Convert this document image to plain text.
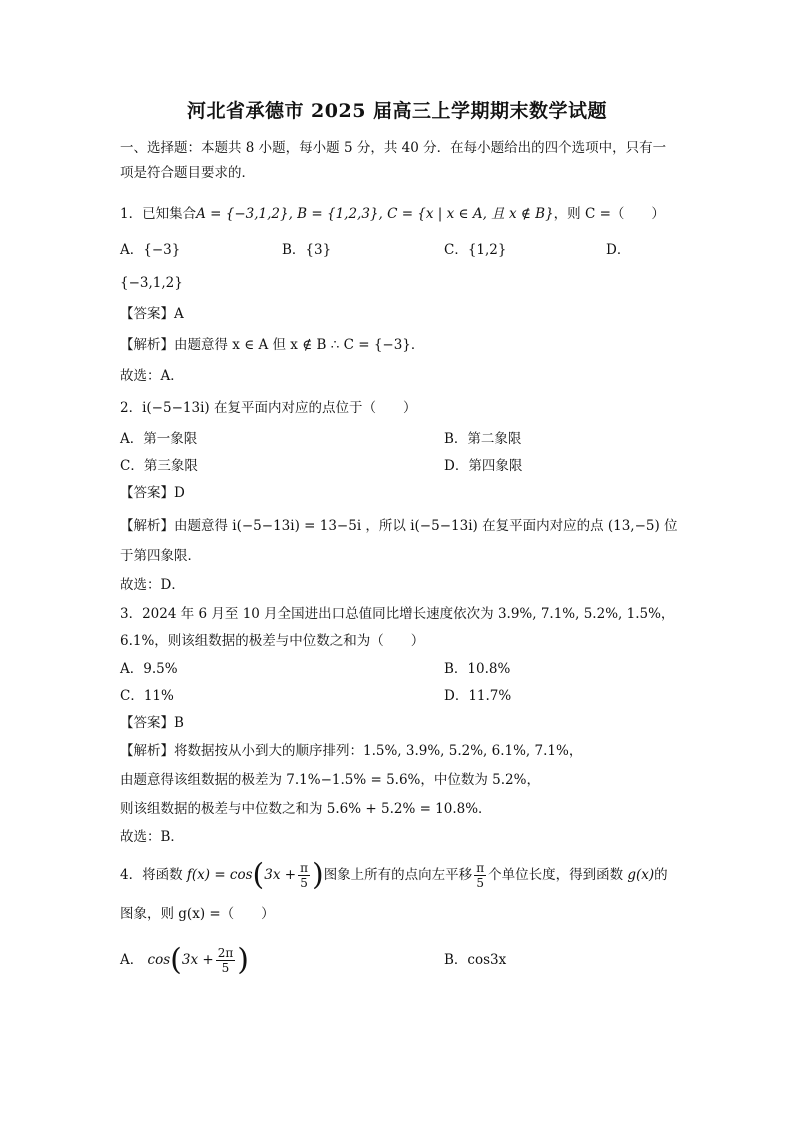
河北省承德市 2025 届高三上学期期末数学试题
一、选择题：本题共 8 小题，每小题 5 分，共 40 分．在每小题给出的四个选项中，只有一
项是符合题目要求的．
1．已知集合A = {−3,1,2}, B = {1,2,3}, C = {x | x ∈ A, 且 x ∉ B}，则 C =（　　）
A．{−3}	B．{3}	C．{1,2}	D．
{−3,1,2}
【答案】A
【解析】由题意得 x ∈ A 但 x ∉ B ∴ C = {−3}．
故选：A．
2．i(−5−13i) 在复平面内对应的点位于（　　）
A．第一象限	B．第二象限
C．第三象限	D．第四象限
【答案】D
【解析】由题意得 i(−5−13i) = 13−5i ，所以 i(−5−13i) 在复平面内对应的点 (13,−5) 位
于第四象限．
故选：D．
3．2024 年 6 月至 10 月全国进出口总值同比增长速度依次为 3.9%, 7.1%, 5.2%, 1.5%，
6.1%，则该组数据的极差与中位数之和为（　　）
A．9.5%	B．10.8%
C．11%	D．11.7%
【答案】B
【解析】将数据按从小到大的顺序排列：1.5%, 3.9%, 5.2%, 6.1%, 7.1%，
由题意得该组数据的极差为 7.1%−1.5% = 5.6%，中位数为 5.2%，
则该组数据的极差与中位数之和为 5.6% + 5.2% = 10.8%．
故选：B．
4．将函数 $f(x) = \cos(3x + \frac{\pi}{5}$ )图象上所有的点向左平移 $\frac{\pi}{5}$ 个单位长度，得到函数 g(x)的
图象，则 g(x) =（　　）
A． $\cos(3x + \frac{2\pi}{5}$ )	B．cos3x
